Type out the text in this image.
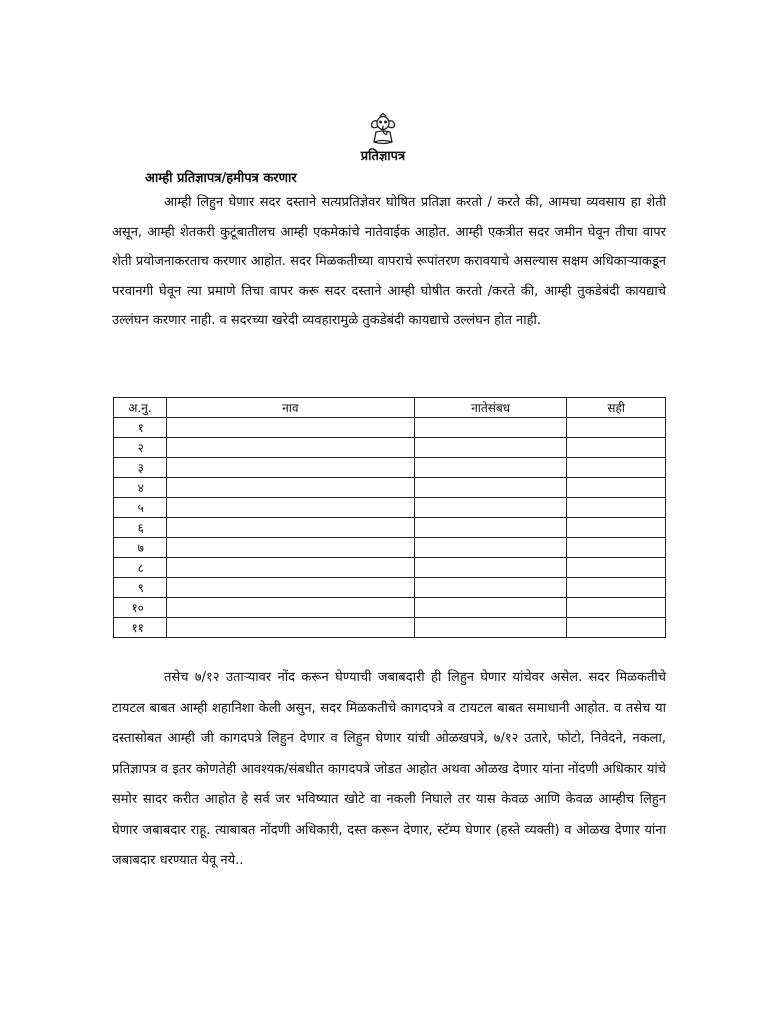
प्रतिज्ञापत्र
आम्ही प्रतिज्ञापत्र/हमीपत्र करणार

आम्ही लिहुन घेणार सदर दस्ताने सत्यप्रतिज्ञेवर घोषित प्रतिज्ञा करतो / करते की, आमचा व्यवसाय हा शेती असून, आम्ही शेतकरी कुटूंबातीलच आम्ही एकमेकांचे नातेवाईक आहोत. आम्ही एकत्रीत सदर जमीन घेवून तीचा वापर शेती प्रयोजनाकरताच करणार आहोत. सदर मिळकतीच्या वापराचे रूपांतरण करावयाचे असल्यास सक्षम अधिकाऱ्याकडून परवानगी घेवून त्या प्रमाणे तिचा वापर करू सदर दस्ताने आम्ही घोषीत करतो /करते की, आम्ही तुकडेबंदी कायद्याचे उल्लंघन करणार नाही. व सदरच्या खरेदी व्यवहारामुळे तुकडेबंदी कायद्याचे उल्लंघन होत नाही.

अ.नु.	नाव	नातेसंबध	सही
१			
२			
३			
४			
५			
६			
७			
८			
९			
१०			
११			

तसेच ७/१२ उताऱ्यावर नोंद करून घेण्याची जबाबदारी ही लिहुन घेणार यांचेवर असेल. सदर मिळकतीचे टायटल बाबत आम्ही शहानिशा केली असुन, सदर मिळकतीचे कागदपत्रे व टायटल बाबत समाधानी आहोत. व तसेच या दस्तासोबत आम्ही जी कागदपत्रे लिहुन देणार व लिहुन घेणार यांची ओळखपत्रे, ७/१२ उतारे, फोटो, निवेदने, नकला, प्रतिज्ञापत्र व इतर कोणतेही आवश्यक/संबधीत कागदपत्रे जोडत आहोत अथवा ओळख देणार यांना नोंदणी अधिकार यांचे समोर सादर करीत आहोत हे सर्व जर भविष्यात खोटे वा नकली निघाले तर यास केवळ आणि केवळ आम्हीच लिहुन घेणार जबाबदार राहू. त्याबाबत नोंदणी अधिकारी, दस्त करून देणार, स्टॅम्प घेणार (हस्ते व्यक्ती) व ओळख देणार यांना जबाबदार धरण्यात येवू नये..
